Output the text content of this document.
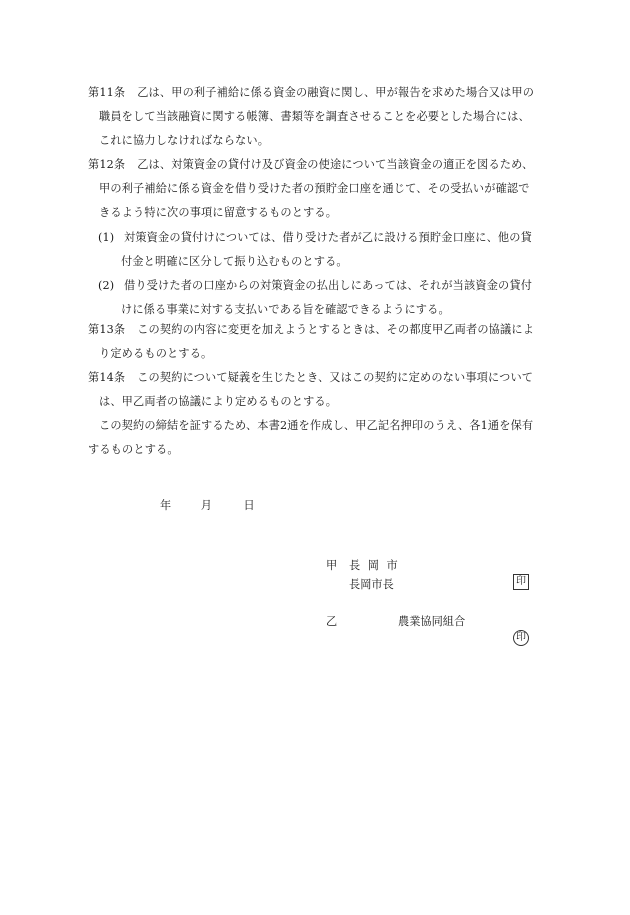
第11条 乙は、甲の利子補給に係る資金の融資に関し、甲が報告を求めた場合又は甲の
職員をして当該融資に関する帳簿、書類等を調査させることを必要とした場合には、
これに協力しなければならない。
第12条 乙は、対策資金の貸付け及び資金の使途について当該資金の適正を図るため、
甲の利子補給に係る資金を借り受けた者の預貯金口座を通じて、その受払いが確認で
きるよう特に次の事項に留意するものとする。
(1) 対策資金の貸付けについては、借り受けた者が乙に設ける預貯金口座に、他の貸
付金と明確に区分して振り込むものとする。
(2) 借り受けた者の口座からの対策資金の払出しにあっては、それが当該資金の貸付
けに係る事業に対する支払いである旨を確認できるようにする。
第13条 この契約の内容に変更を加えようとするときは、その都度甲乙両者の協議によ
り定めるものとする。
第14条 この契約について疑義を生じたとき、又はこの契約に定めのない事項について
は、甲乙両者の協議により定めるものとする。
この契約の締結を証するため、本書2通を作成し、甲乙記名押印のうえ、各1通を保有
するものとする。
年	月	日
甲 長 岡 市
長岡市長	印
乙	農業協同組合
印
